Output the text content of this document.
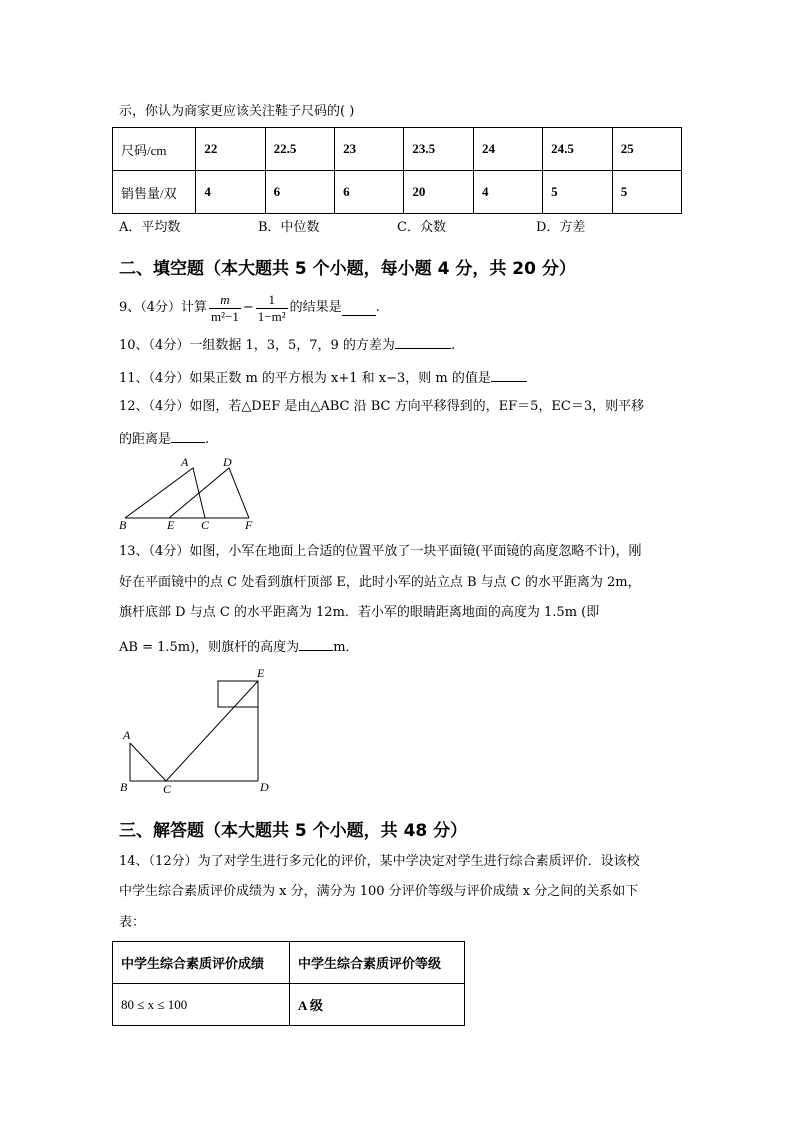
示，你认为商家更应该关注鞋子尺码的( )
尺码/cm	22	22.5	23	23.5	24	24.5	25
销售量/双	4	6	6	20	4	5	5
A．平均数	B．中位数	C．众数	D．方差
二、填空题（本大题共 5 个小题，每小题 4 分，共 20 分）
9、（4分）计算 $\frac{m}{\text{m²−1}} - \frac{1}{\text{1−m²}}$ 的结果是	.
10、（4分）一组数据 1，3，5，7，9 的方差为	.
11、（4分）如果正数 m 的平方根为 x+1 和 x−3，则 m 的值是
12、（4分）如图，若△DEF 是由△ABC 沿 BC 方向平移得到的，EF＝5，EC＝3，则平移
的距离是	.
A	D
B	E C	F
13、（4分）如图，小军在地面上合适的位置平放了一块平面镜(平面镜的高度忽略不计)，刚
好在平面镜中的点 C 处看到旗杆顶部 E，此时小军的站立点 B 与点 C 的水平距离为 2m，
旗杆底部 D 与点 C 的水平距离为 12m．若小军的眼睛距离地面的高度为 1.5m (即
AB = 1.5m)，则旗杆的高度为	m．
E
A
B	C	D
三、解答题（本大题共 5 个小题，共 48 分）
14、（12分）为了对学生进行多元化的评价，某中学决定对学生进行综合素质评价．设该校
中学生综合素质评价成绩为 x 分，满分为 100 分评价等级与评价成绩 x 分之间的关系如下
表：
中学生综合素质评价成绩	中学生综合素质评价等级
80 ≤ x ≤ 100	A 级
